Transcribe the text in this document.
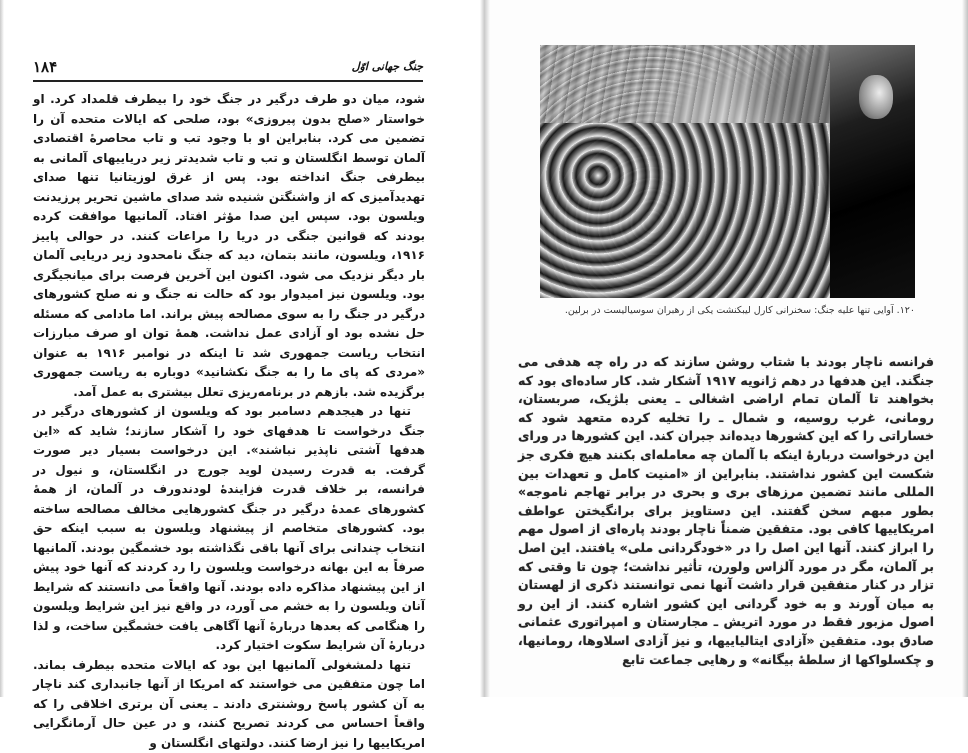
۱۸۴	جنگ جهانی اوّل

شود، میان دو طرف درگیر در جنگ خود را بیطرف قلمداد کرد. او خواستار «صلح بدون پیروزی» بود، صلحی که ایالات متحده آن را تضمین می کرد. بنابراین او با وجود تب و تاب محاصرهٔ اقتصادی آلمان توسط انگلستان و تب و تاب شدیدتر زیر دریاییهای آلمانی به بیطرفی جنگ انداخته بود. پس از غرق لوزیتانیا تنها صدای تهدیدآمیزی که از واشنگتن شنیده شد صدای ماشین تحریر پرزیدنت ویلسون بود. سپس این صدا مؤثر افتاد. آلمانیها موافقت کرده بودند که قوانین جنگی در دریا را مراعات کنند. در حوالی پاییز ۱۹۱۶، ویلسون، مانند بتمان، دید که جنگ نامحدود زیر دریایی آلمان بار دیگر نزدیک می شود. اکنون این آخرین فرصت برای میانجیگری بود. ویلسون نیز امیدوار بود که حالت نه جنگ و نه صلح کشورهای درگیر در جنگ را به سوی مصالحه پیش براند. اما مادامی که مسئله حل نشده بود او آزادی عمل نداشت. همهٔ توان او صرف مبارزات انتخاب ریاست جمهوری شد تا اینکه در نوامبر ۱۹۱۶ به عنوان «مردی که پای ما را به جنگ نکشانید» دوباره به ریاست جمهوری برگزیده شد. بازهم در برنامه‌ریزی تعلل بیشتری به عمل آمد.

تنها در هیجدهم دسامبر بود که ویلسون از کشورهای درگیر در جنگ درخواست تا هدفهای خود را آشکار سازند؛ شاید که «این هدفها آشتی ناپذیر نباشند». این درخواست بسیار دیر صورت گرفت. به قدرت رسیدن لوید جورج در انگلستان، و نیول در فرانسه، بر خلاف قدرت فزایندهٔ لودندورف در آلمان، از همهٔ کشورهای عمدهٔ درگیر در جنگ کشورهایی مخالف مصالحه ساخته بود. کشورهای متخاصم از پیشنهاد ویلسون به سبب اینکه حق انتخاب چندانی برای آنها باقی نگذاشته بود خشمگین بودند. آلمانیها صرفاً به این بهانه درخواست ویلسون را رد کردند که آنها خود پیش از این پیشنهاد مذاکره داده بودند. آنها واقعاً می دانستند که شرایط آنان ویلسون را به خشم می آورد، در واقع نیز این شرایط ویلسون را هنگامی که بعدها دربارهٔ آنها آگاهی یافت خشمگین ساخت، و لذا دربارهٔ آن شرایط سکوت اختیار کرد.

تنها دلمشغولی آلمانیها این بود که ایالات متحده بیطرف بماند. اما چون متفقین می خواستند که امریکا از آنها جانبداری کند ناچار به آن کشور پاسخ روشنتری دادند ـ یعنی آن برتری اخلاقی را که واقعاً احساس می کردند تصریح کنند، و در عین حال آرمانگرایی امریکاییها را نیز ارضا کنند. دولتهای انگلستان و

۱۲۰. آوایی تنها علیه جنگ: سخنرانی کارل لیبکنشت یکی از رهبران سوسیالیست در برلین.
فرانسه ناچار بودند با شتاب روشن سازند که در راه چه هدفی می جنگند. این هدفها در دهم ژانویه ۱۹۱۷ آشکار شد. کار ساده‌ای بود که بخواهند تا آلمان تمام اراضی اشغالی ـ یعنی بلژیک، صربستان، رومانی، غرب روسیه، و شمال ـ را تخلیه کرده متعهد شود که خساراتی را که این کشورها دیده‌اند جبران کند. این کشورها در ورای این درخواست دربارهٔ اینکه با آلمان چه معامله‌ای بکنند هیچ فکری جز شکست این کشور نداشتند. بنابراین از «امنیت کامل و تعهدات بین المللی مانند تضمین مرزهای بری و بحری در برابر تهاجم ناموجه» بطور مبهم سخن گفتند. این دستاویز برای برانگیختن عواطف امریکاییها کافی بود. متفقین ضمناً ناچار بودند پاره‌ای از اصول مهم را ابراز کنند. آنها این اصل را در «خودگردانی ملی» یافتند. این اصل بر آلمان، مگر در مورد آلزاس ولورن، تأثیر نداشت؛ چون تا وقتی که تزار در کنار متفقین قرار داشت آنها نمی توانستند ذکری از لهستان به میان آورند و به خود گردانی این کشور اشاره کنند. از این رو اصول مزبور فقط در مورد اتریش ـ مجارستان و امپراتوری عثمانی صادق بود. متفقین «آزادی ایتالیاییها، و نیز آزادی اسلاوها، رومانیها، و چکسلواکها از سلطهٔ بیگانه» و رهایی جماعت تابع
